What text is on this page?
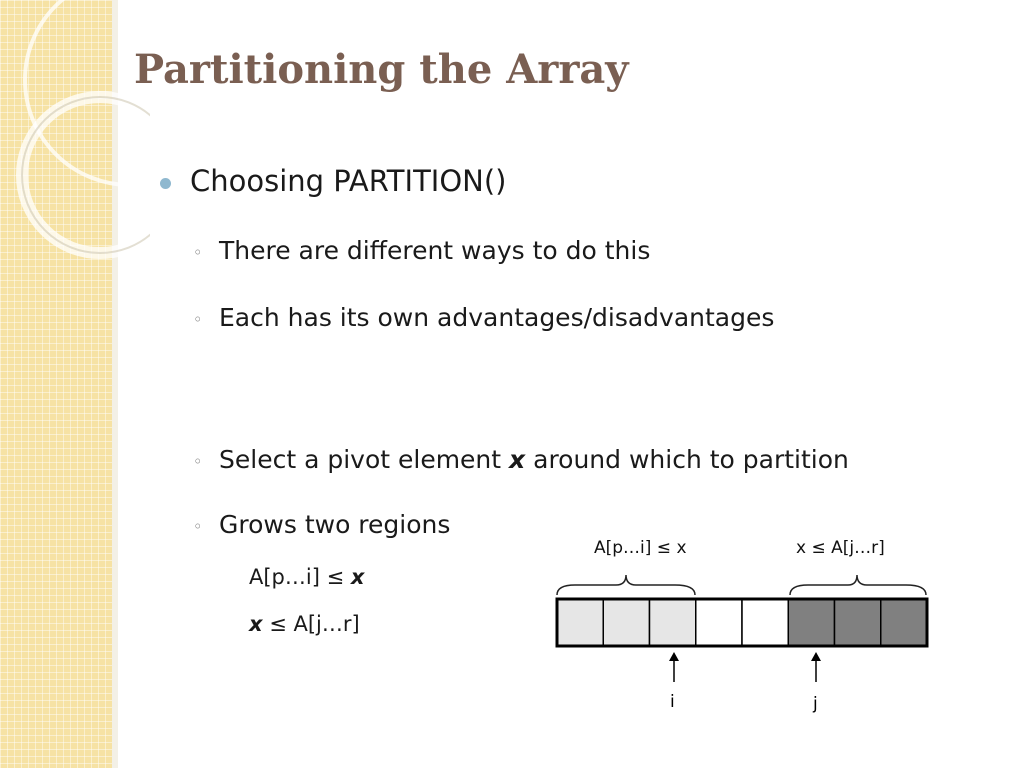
Partitioning the Array
Choosing PARTITION()
◦ There are different ways to do this
◦ Each has its own advantages/disadvantages
◦ Select a pivot element x around which to partition
◦ Grows two regions
A[p…i] ≤ x
x ≤ A[j…r]
A[p…i] ≤ x	x ≤ A[j…r]
i	j
